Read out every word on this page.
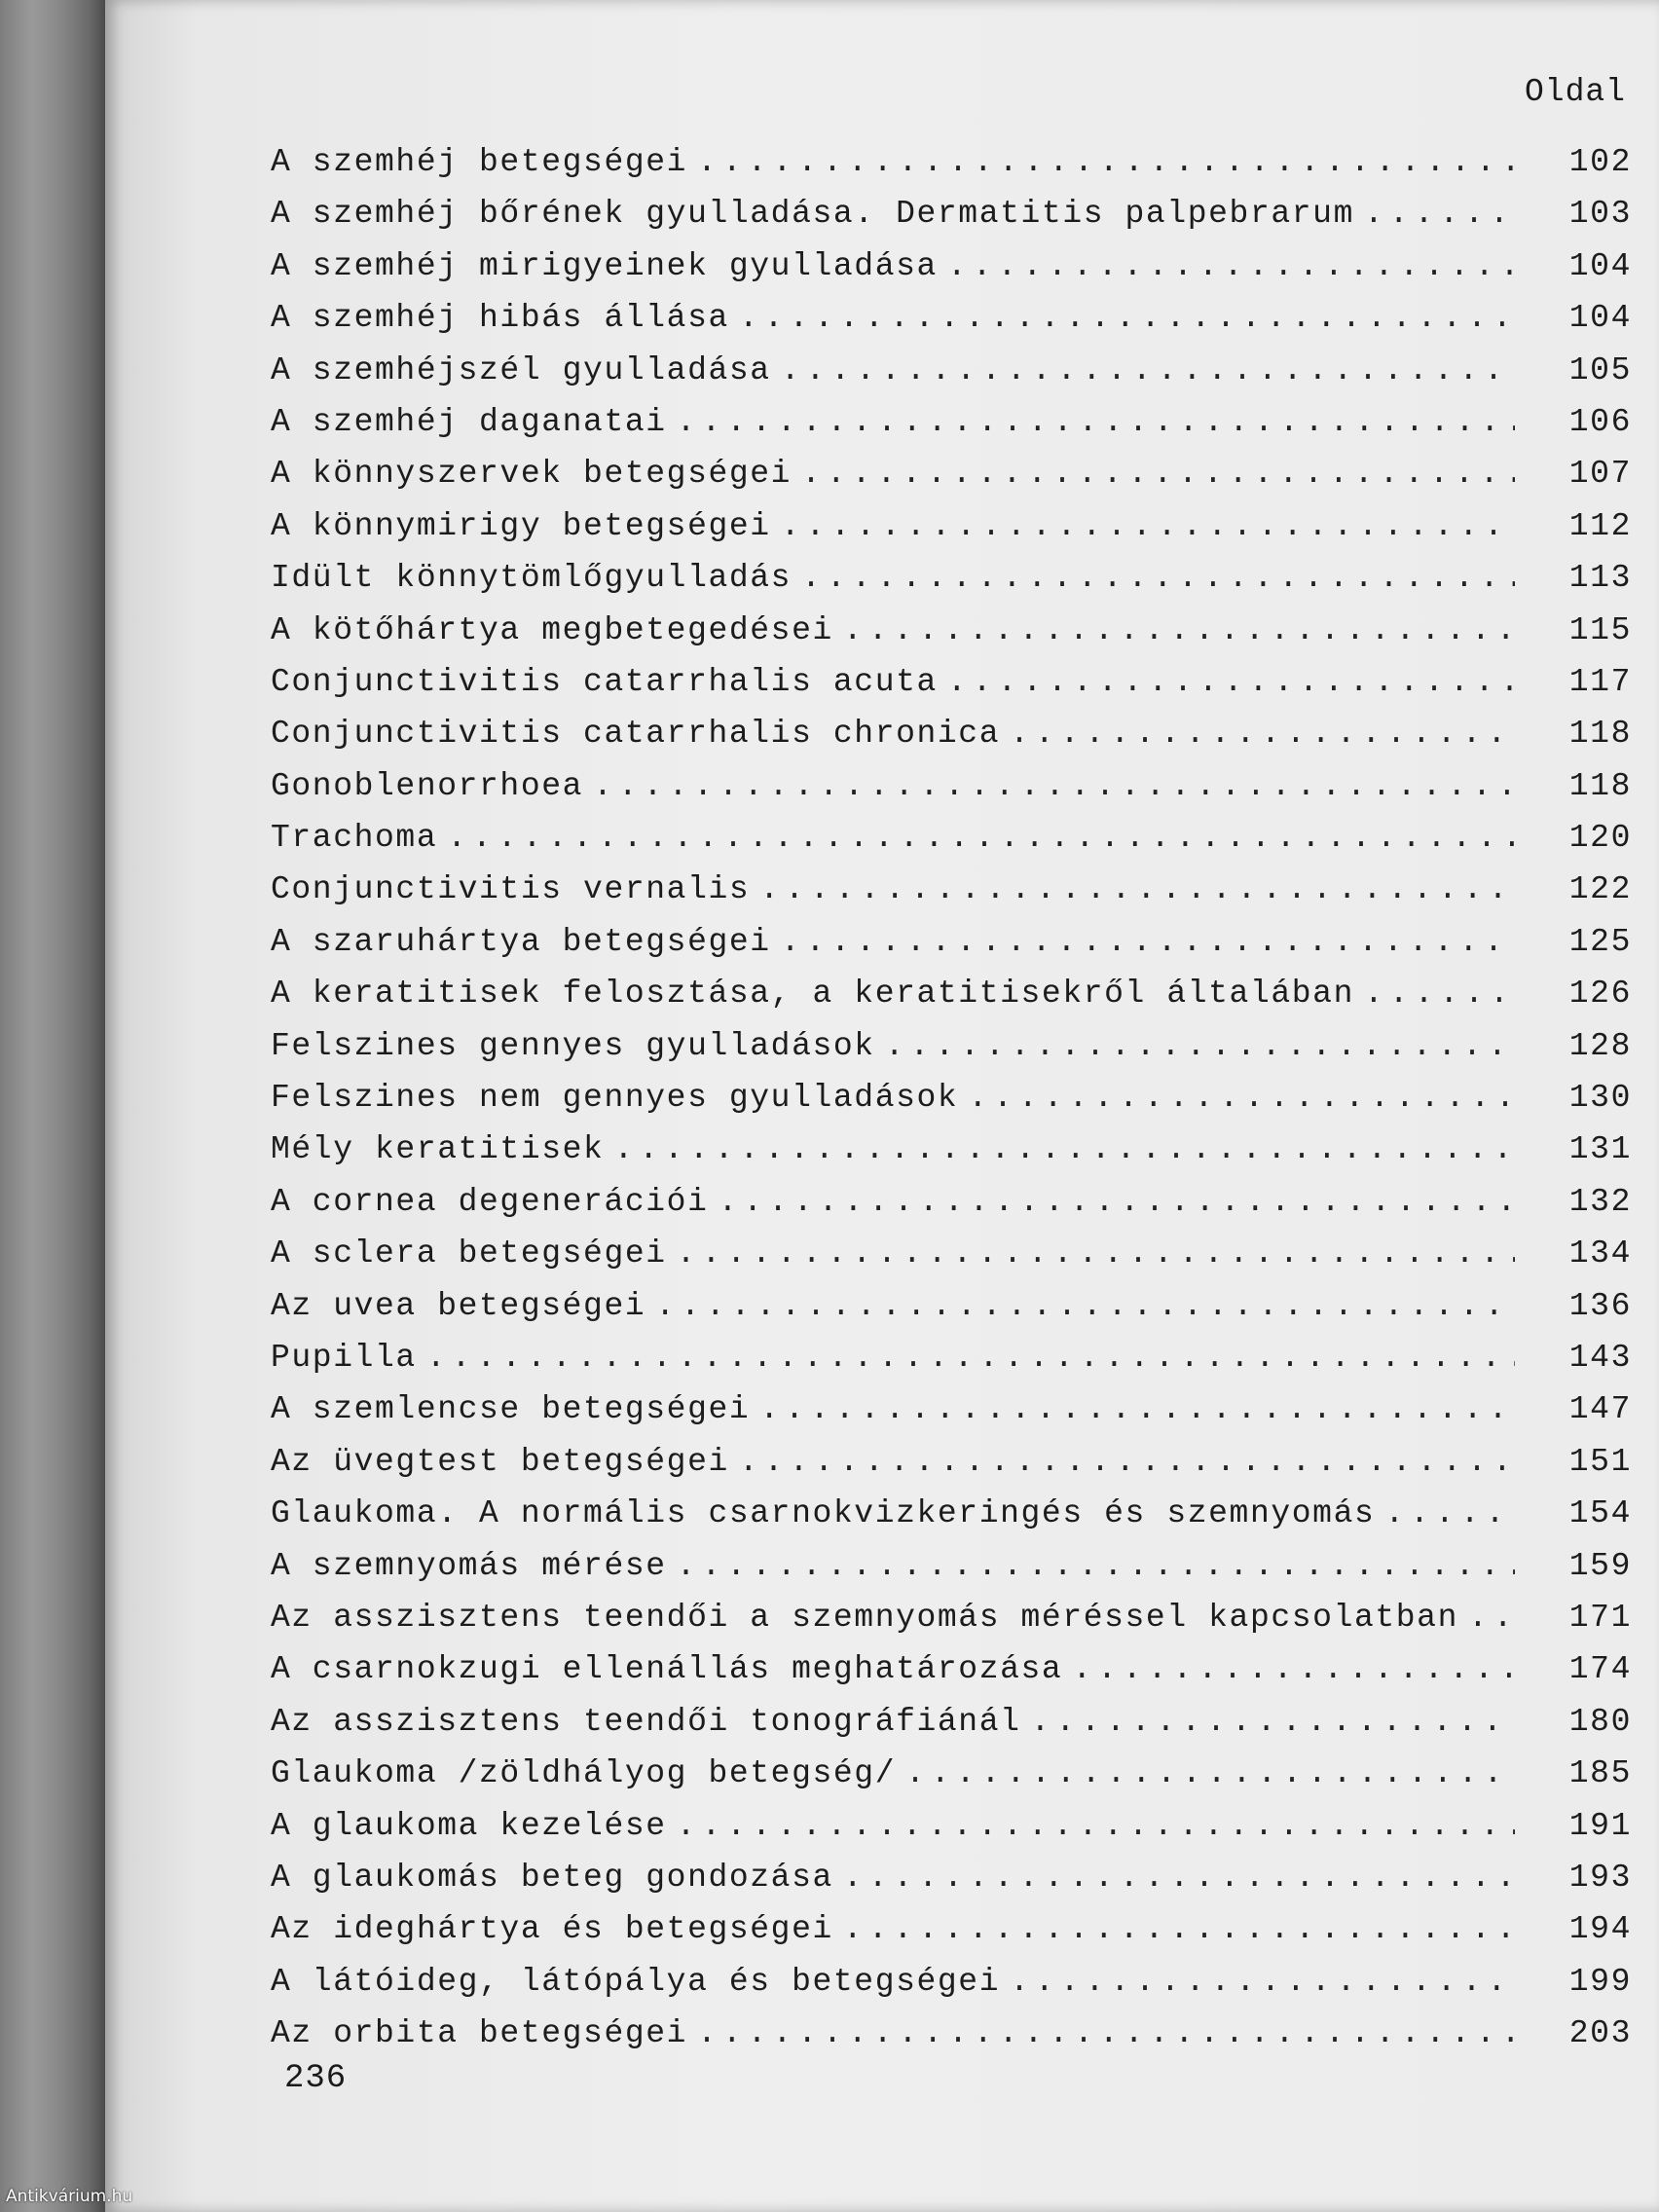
Oldal
A szemhéj betegségei .....	102
A szemhéj bőrének gyulladása. Dermatitis palpebrarum .....	103
A szemhéj mirigyeinek gyulladása .....	104
A szemhéj hibás állása .....	104
A szemhéjszél gyulladása .....	105
A szemhéj daganatai .....	106
A könnyszervek betegségei .....	107
A könnymirigy betegségei .....	112
Idült könnytömlőgyulladás .....	113
A kötőhártya megbetegedései .....	115
Conjunctivitis catarrhalis acuta .....	117
Conjunctivitis catarrhalis chronica .....	118
Gonoblenorrhoea .....	118
Trachoma .....	120
Conjunctivitis vernalis .....	122
A szaruhártya betegségei .....	125
A keratitisek felosztása, a keratitisekről általában .....	126
Felszines gennyes gyulladások .....	128
Felszines nem gennyes gyulladások .....	130
Mély keratitisek .....	131
A cornea degenerációi .....	132
A sclera betegségei .....	134
Az uvea betegségei .....	136
Pupilla .....	143
A szemlencse betegségei .....	147
Az üvegtest betegségei .....	151
Glaukoma. A normális csarnokvizkeringés és szemnyomás .....	154
A szemnyomás mérése .....	159
Az asszisztens teendői a szemnyomás méréssel kapcsolatban .....	171
A csarnokzugi ellenállás meghatározása .....	174
Az asszisztens teendői tonográfiánál .....	180
Glaukoma /zöldhályog betegség/ .....	185
A glaukoma kezelése .....	191
A glaukomás beteg gondozása .....	193
Az ideghártya és betegségei .....	194
A látóideg, látópálya és betegségei .....	199
Az orbita betegségei .....	203
236
Antikvárium.hu
